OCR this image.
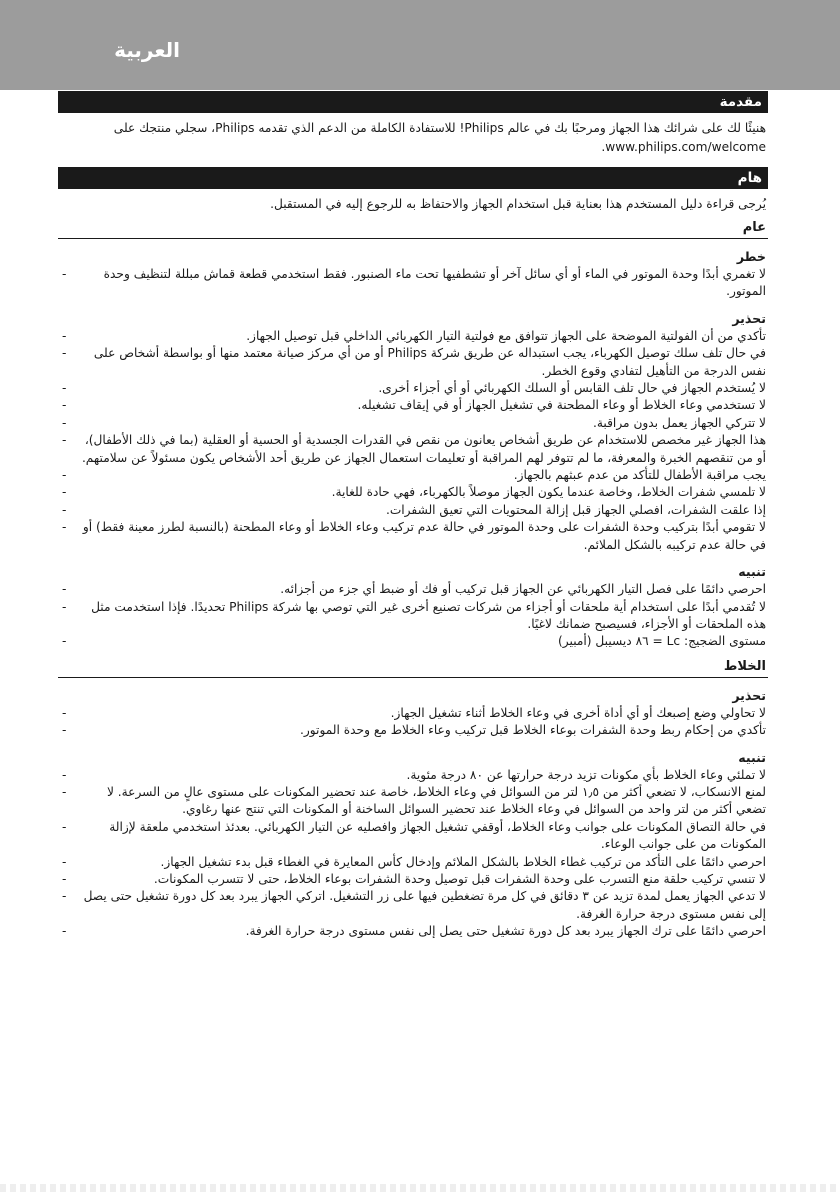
العربية
مقدمة

هنيئًا لك على شرائك هذا الجهاز ومرحبًا بك في عالم Philips! للاستفادة الكاملة من الدعم الذي تقدمه Philips، سجلي منتجك على www.philips.com/welcome.

هام

يُرجى قراءة دليل المستخدم هذا بعناية قبل استخدام الجهاز والاحتفاظ به للرجوع إليه في المستقبل.

عام
خطر
-	لا تغمري أبدًا وحدة الموتور في الماء أو أي سائل آخر أو تشطفيها تحت ماء الصنبور. فقط استخدمي قطعة قماش مبللة لتنظيف وحدة الموتور.
تحذير
-	تأكدي من أن الفولتية الموضحة على الجهاز تتوافق مع فولتية التيار الكهربائي الداخلي قبل توصيل الجهاز.
- في حال تلف سلك توصيل الكهرباء، يجب استبداله عن طريق شركة Philips أو من أي مركز صيانة معتمد منها أو بواسطة أشخاص على نفس الدرجة من التأهيل لتفادي وقوع الخطر.
-	لا يُستخدم الجهاز في حال تلف القابس أو السلك الكهربائي أو أي أجزاء أخرى.
-	لا تستخدمي وعاء الخلاط أو وعاء المطحنة في تشغيل الجهاز أو في إيقاف تشغيله.
-	لا تتركي الجهاز يعمل بدون مراقبة.
- هذا الجهاز غير مخصص للاستخدام عن طريق أشخاص يعانون من نقص في القدرات الجسدية أو الحسية أو العقلية (بما في ذلك الأطفال)، أو من تنقصهم الخبرة والمعرفة، ما لم تتوفر لهم المراقبة أو تعليمات استعمال الجهاز عن طريق أحد الأشخاص يكون مسئولاً عن سلامتهم.
-	يجب مراقبة الأطفال للتأكد من عدم عبثهم بالجهاز.
-	لا تلمسي شفرات الخلاط، وخاصة عندما يكون الجهاز موصلاً بالكهرباء، فهي حادة للغاية.
-	إذا علقت الشفرات، افصلي الجهاز قبل إزالة المحتويات التي تعيق الشفرات.
- لا تقومي أبدًا بتركيب وحدة الشفرات على وحدة الموتور في حالة عدم تركيب وعاء الخلاط أو وعاء المطحنة (بالنسبة لطرز معينة فقط) أو في حالة عدم تركيبه بالشكل الملائم.
تنبيه
-	احرصي دائمًا على فصل التيار الكهربائي عن الجهاز قبل تركيب أو فك أو ضبط أي جزء من أجزائه.
- لا تُقدمي أبدًا على استخدام أية ملحقات أو أجزاء من شركات تصنيع أخرى غير التي توصي بها شركة Philips تحديدًا. فإذا استخدمت مثل هذه الملحقات أو الأجزاء، فسيصبح ضمانك لاغيًا.
-	مستوى الضجيج: Lc = ٨٦ ديسيبل (أمبير)
الخلاط
تحذير
-	لا تحاولي وضع إصبعك أو أي أداة أخرى في وعاء الخلاط أثناء تشغيل الجهاز.
-	تأكدي من إحكام ربط وحدة الشفرات بوعاء الخلاط قبل تركيب وعاء الخلاط مع وحدة الموتور.
تنبيه
-	لا تملئي وعاء الخلاط بأي مكونات تزيد درجة حرارتها عن ٨٠ درجة مئوية.
-	لمنع الانسكاب، لا تضعي أكثر من ١٫٥ لتر من السوائل في وعاء الخلاط، خاصة عند تحضير المكونات على مستوى عالٍ من السرعة. لا تضعي أكثر من لتر واحد من السوائل في وعاء الخلاط عند تحضير السوائل الساخنة أو المكونات التي تنتج عنها رغاوي.
-	في حالة التصاق المكونات على جوانب وعاء الخلاط، أوقفي تشغيل الجهاز وافصليه عن التيار الكهربائي. بعدئذ استخدمي ملعقة لإزالة المكونات من على جوانب الوعاء.
-	احرصي دائمًا على التأكد من تركيب غطاء الخلاط بالشكل الملائم وإدخال كأس المعايرة في الغطاء قبل بدء تشغيل الجهاز.
-	لا تنسي تركيب حلقة منع التسرب على وحدة الشفرات قبل توصيل وحدة الشفرات بوعاء الخلاط، حتى لا تتسرب المكونات.
- لا تدعي الجهاز يعمل لمدة تزيد عن ٣ دقائق في كل مرة تضغطين فيها على زر التشغيل. اتركي الجهاز يبرد بعد كل دورة تشغيل حتى يصل إلى نفس مستوى درجة حرارة الغرفة.
-	احرصي دائمًا على ترك الجهاز يبرد بعد كل دورة تشغيل حتى يصل إلى نفس مستوى درجة حرارة الغرفة.
